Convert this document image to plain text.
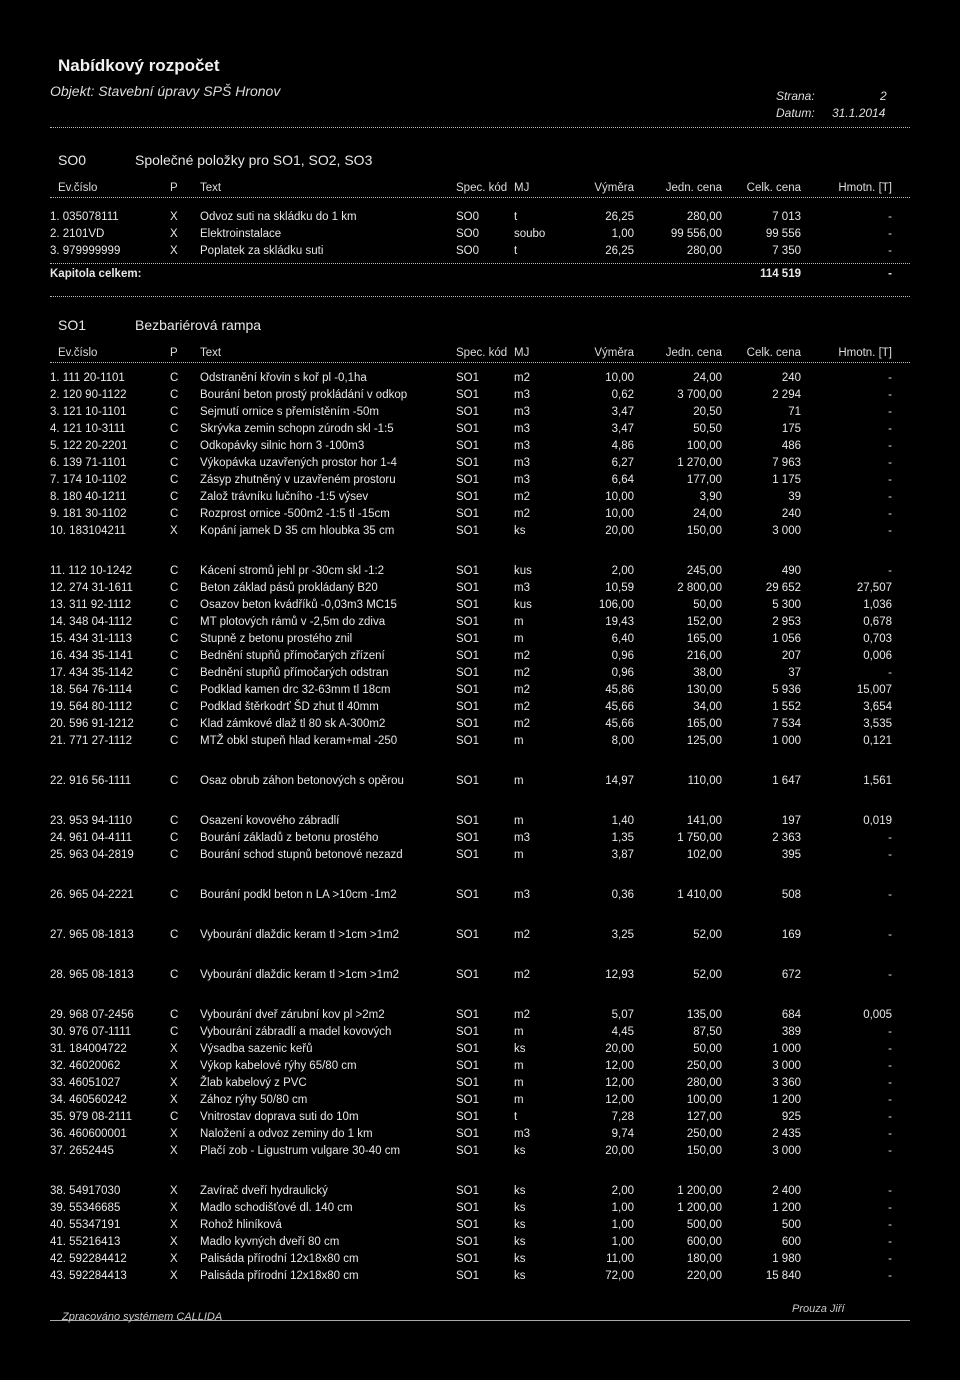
Nabídkový rozpočet
Objekt: Stavební úpravy SPŠ Hronov	Strana:	2
Datum: 31.1.2014
SO0	Společné položky pro SO1, SO2, SO3
Ev.číslo	P Text	Spec. kód MJ	Výměra	Jedn. cena	Celk. cena	Hmotn. [T]
1. 035078111	X Odvoz suti na skládku do 1 km	SO0	t	26,25	280,00	7 013	-
2. 2101VD	X Elektroinstalace	SO0	soubo	1,00	99 556,00	99 556	-
3. 979999999	X Poplatek za skládku suti	SO0	t	26,25	280,00	7 350	-
Kapitola celkem:	114 519	-
SO1	Bezbariérová rampa
Ev.číslo	P Text	Spec. kód MJ	Výměra	Jedn. cena	Celk. cena	Hmotn. [T]
1. 111 20-1101	C Odstranění křovin s koř pl -0,1ha	SO1	m2	10,00	24,00	240	-
2. 120 90-1122	C Bourání beton prostý prokládání v odkop	SO1	m3	0,62	3 700,00	2 294	-
3. 121 10-1101	C Sejmutí ornice s přemístěním -50m	SO1	m3	3,47	20,50	71	-
4. 121 10-3111	C Skrývka zemin schopn zúrodn skl -1:5	SO1	m3	3,47	50,50	175	-
5. 122 20-2201	C Odkopávky silnic horn 3 -100m3	SO1	m3	4,86	100,00	486	-
6. 139 71-1101	C Výkopávka uzavřených prostor hor 1-4	SO1	m3	6,27	1 270,00	7 963	-
7. 174 10-1102	C Zásyp zhutněný v uzavřeném prostoru	SO1	m3	6,64	177,00	1 175	-
8. 180 40-1211	C Založ trávníku lučního -1:5 výsev	SO1	m2	10,00	3,90	39	-
9. 181 30-1102	C Rozprost ornice -500m2 -1:5 tl -15cm	SO1	m2	10,00	24,00	240	-
10. 183104211	X Kopání jamek D 35 cm hloubka 35 cm	SO1	ks	20,00	150,00	3 000	-
11. 112 10-1242	C Kácení stromů jehl pr -30cm skl -1:2	SO1	kus	2,00	245,00	490	-
12. 274 31-1611	C Beton základ pásů prokládaný B20	SO1	m3	10,59	2 800,00	29 652	27,507
13. 311 92-1112	C Osazov beton kvádříků -0,03m3 MC15	SO1	kus	106,00	50,00	5 300	1,036
14. 348 04-1112	C MT plotových rámů v -2,5m do zdiva	SO1	m	19,43	152,00	2 953	0,678
15. 434 31-1113	C Stupně z betonu prostého znil	SO1	m	6,40	165,00	1 056	0,703
16. 434 35-1141	C Bednění stupňů přímočarých zřízení	SO1	m2	0,96	216,00	207	0,006
17. 434 35-1142	C Bednění stupňů přímočarých odstran	SO1	m2	0,96	38,00	37	-
18. 564 76-1114	C Podklad kamen drc 32-63mm tl 18cm	SO1	m2	45,86	130,00	5 936	15,007
19. 564 80-1112	C Podklad štěrkodrť ŠD zhut tl 40mm	SO1	m2	45,66	34,00	1 552	3,654
20. 596 91-1212	C Klad zámkové dlaž tl 80 sk A-300m2	SO1	m2	45,66	165,00	7 534	3,535
21. 771 27-1112	C MTŽ obkl stupeň hlad keram+mal -250	SO1	m	8,00	125,00	1 000	0,121
22. 916 56-1111	C Osaz obrub záhon betonových s opěrou	SO1	m	14,97	110,00	1 647	1,561
23. 953 94-1110	C Osazení kovového zábradlí	SO1	m	1,40	141,00	197	0,019
24. 961 04-4111	C Bourání základů z betonu prostého	SO1	m3	1,35	1 750,00	2 363	-
25. 963 04-2819	C Bourání schod stupnů betonové nezazd	SO1	m	3,87	102,00	395	-
26. 965 04-2221	C Bourání podkl beton n LA >10cm -1m2	SO1	m3	0,36	1 410,00	508	-
27. 965 08-1813	C Vybourání dlaždic keram tl >1cm >1m2	SO1	m2	3,25	52,00	169	-
28. 965 08-1813	C Vybourání dlaždic keram tl >1cm >1m2	SO1	m2	12,93	52,00	672	-
29. 968 07-2456	C Vybourání dveř zárubní kov pl >2m2	SO1	m2	5,07	135,00	684	0,005
30. 976 07-1111	C Vybourání zábradlí a madel kovových	SO1	m	4,45	87,50	389	-
31. 184004722	X Výsadba sazenic keřů	SO1	ks	20,00	50,00	1 000	-
32. 46020062	X Výkop kabelové rýhy 65/80 cm	SO1	m	12,00	250,00	3 000	-
33. 46051027	X Žlab kabelový z PVC	SO1	m	12,00	280,00	3 360	-
34. 460560242	X Zához rýhy 50/80 cm	SO1	m	12,00	100,00	1 200	-
35. 979 08-2111	C Vnitrostav doprava suti do 10m	SO1	t	7,28	127,00	925	-
36. 460600001	X Naložení a odvoz zeminy do 1 km	SO1	m3	9,74	250,00	2 435	-
37. 2652445	X Plačí zob - Ligustrum vulgare 30-40 cm	SO1	ks	20,00	150,00	3 000	-
38. 54917030	X Zavírač dveří hydraulický	SO1	ks	2,00	1 200,00	2 400	-
39. 55346685	X Madlo schodišťové dl. 140 cm	SO1	ks	1,00	1 200,00	1 200	-
40. 55347191	X Rohož hliníková	SO1	ks	1,00	500,00	500	-
41. 55216413	X Madlo kyvných dveří 80 cm	SO1	ks	1,00	600,00	600	-
42. 592284412	X Palisáda přírodní 12x18x80 cm	SO1	ks	11,00	180,00	1 980	-
43. 592284413	X Palisáda přírodní 12x18x80 cm	SO1	ks	72,00	220,00	15 840	-
Zpracováno systémem CALLIDA
Prouza Jiří
